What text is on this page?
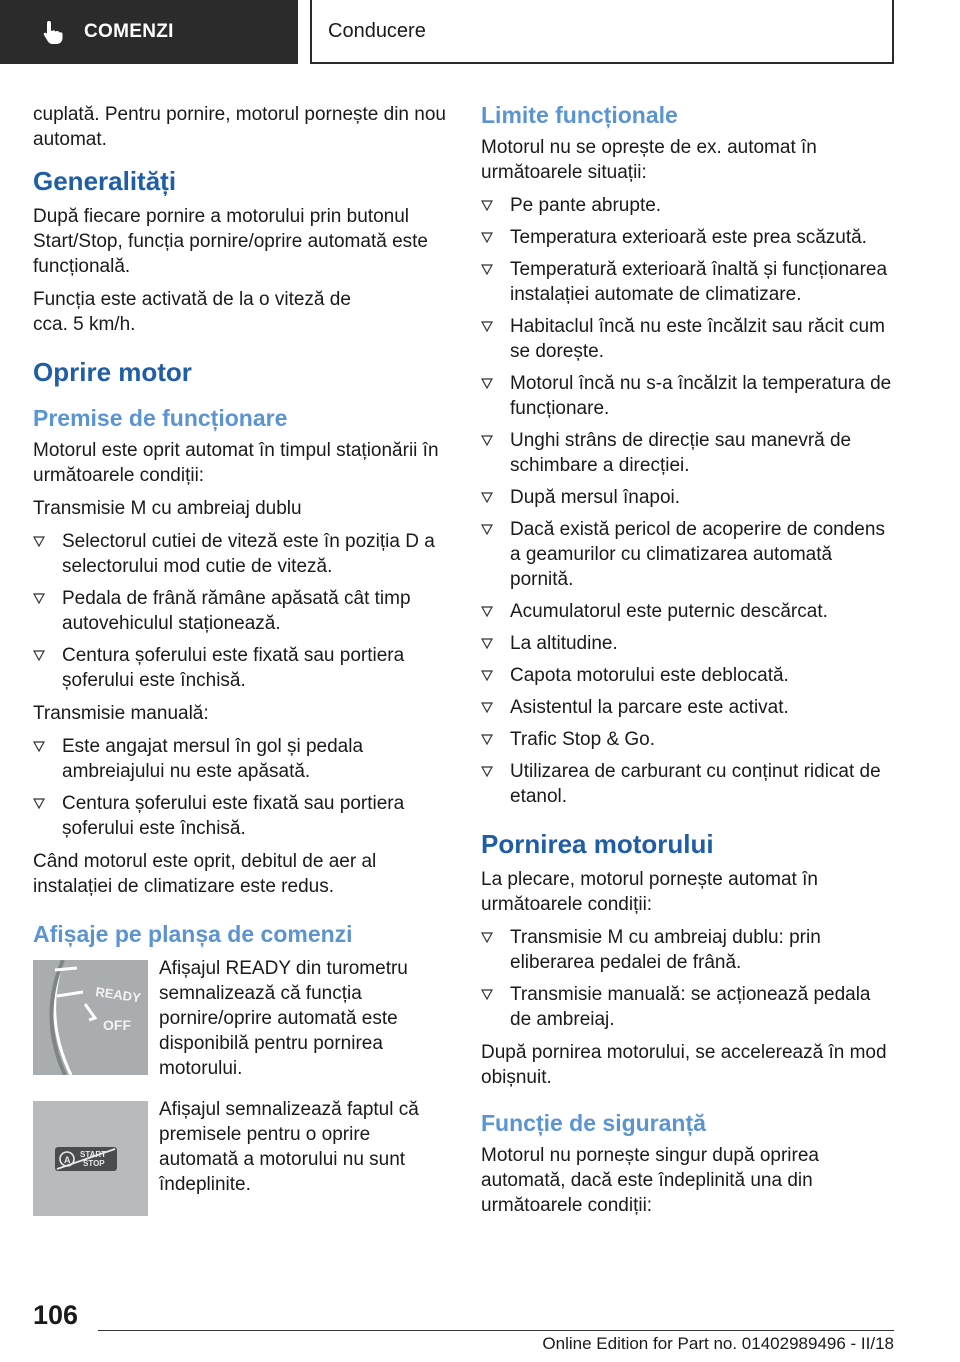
COMENZI	Conducere

cuplată. Pentru pornire, motorul pornește din nou automat.

Generalități

După fiecare pornire a motorului prin butonul Start/Stop, funcția pornire/oprire automată este funcțională.

Funcția este activată de la o viteză de cca. 5 km/h.

Oprire motor
Premise de funcționare

Motorul este oprit automat în timpul staționării în următoarele condiții:

Transmisie M cu ambreiaj dublu

Selectorul cutiei de viteză este în poziția D a selectorului mod cutie de viteză.
Pedala de frână rămâne apăsată cât timp autovehiculul staționează.
Centura șoferului este fixată sau portiera șoferului este închisă.

Transmisie manuală:

Este angajat mersul în gol și pedala ambreiajului nu este apăsată.
Centura șoferului este fixată sau portiera șoferului este închisă.

Când motorul este oprit, debitul de aer al instalației de climatizare este redus.

Afișaje pe planșa de comenzi
READY
OFF
Afișajul READY din turometru semnalizează că funcția pornire/oprire automată este disponibilă pentru pornirea motorului.
A
START
STOP
Afișajul semnalizează faptul că premisele pentru o oprire automată a motorului nu sunt îndeplinite.
Limite funcționale

Motorul nu se oprește de ex. automat în următoarele situații:

Pe pante abrupte.
Temperatura exterioară este prea scăzută.
Temperatură exterioară înaltă și funcționarea instalației automate de climatizare.
Habitaclul încă nu este încălzit sau răcit cum se dorește.
Motorul încă nu s-a încălzit la temperatura de funcționare.
Unghi strâns de direcție sau manevră de schimbare a direcției.
După mersul înapoi.
Dacă există pericol de acoperire de condens a geamurilor cu climatizarea automată pornită.
Acumulatorul este puternic descărcat.
La altitudine.
Capota motorului este deblocată.
Asistentul la parcare este activat.
Trafic Stop & Go.
Utilizarea de carburant cu conținut ridicat de etanol.
Pornirea motorului

La plecare, motorul pornește automat în următoarele condiții:

Transmisie M cu ambreiaj dublu: prin eliberarea pedalei de frână.
Transmisie manuală: se acționează pedala de ambreiaj.

După pornirea motorului, se accelerează în mod obișnuit.

Funcție de siguranță

Motorul nu pornește singur după oprirea automată, dacă este îndeplinită una din următoarele condiții:

106
Online Edition for Part no. 01402989496 - II/18
